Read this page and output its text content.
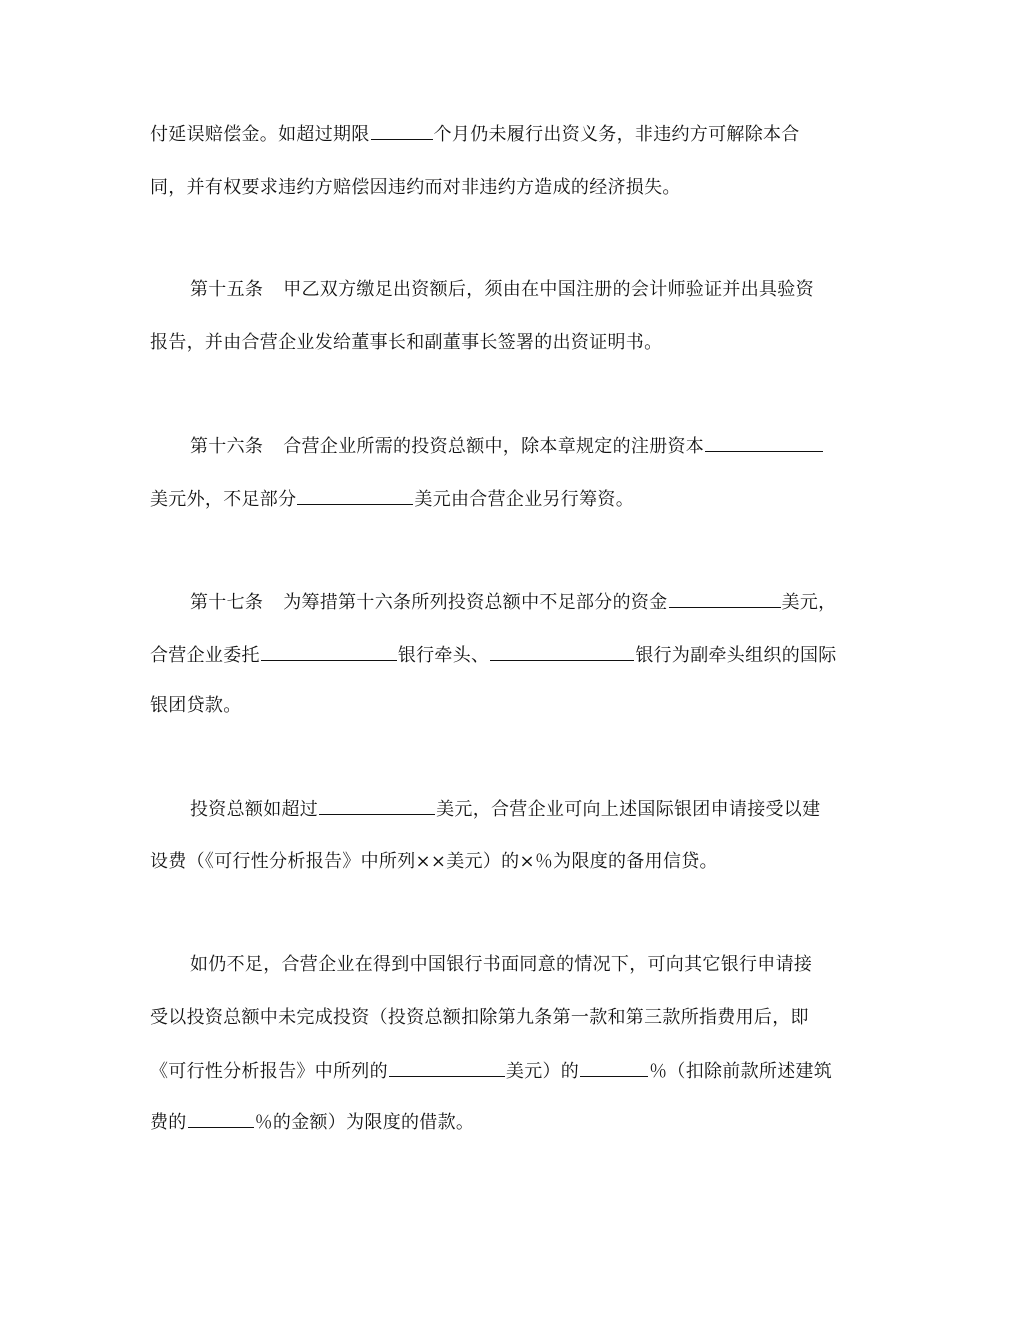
付延误赔偿金。如超过期限	个月仍未履行出资义务，非违约方可解除本合
同，并有权要求违约方赔偿因违约而对非违约方造成的经济损失。
第十五条 甲乙双方缴足出资额后，须由在中国注册的会计师验证并出具验资
报告，并由合营企业发给董事长和副董事长签署的出资证明书。
第十六条 合营企业所需的投资总额中，除本章规定的注册资本
美元外，不足部分	美元由合营企业另行筹资。
第十七条 为筹措第十六条所列投资总额中不足部分的资金	美元，
合营企业委托	银行牵头、	银行为副牵头组织的国际
银团贷款。
投资总额如超过	美元，合营企业可向上述国际银团申请接受以建
设费（《可行性分析报告》中所列××美元）的×％为限度的备用信贷。
如仍不足，合营企业在得到中国银行书面同意的情况下，可向其它银行申请接
受以投资总额中未完成投资（投资总额扣除第九条第一款和第三款所指费用后，即
《可行性分析报告》中所列的	美元）的	％（扣除前款所述建筑
费的	％的金额）为限度的借款。
